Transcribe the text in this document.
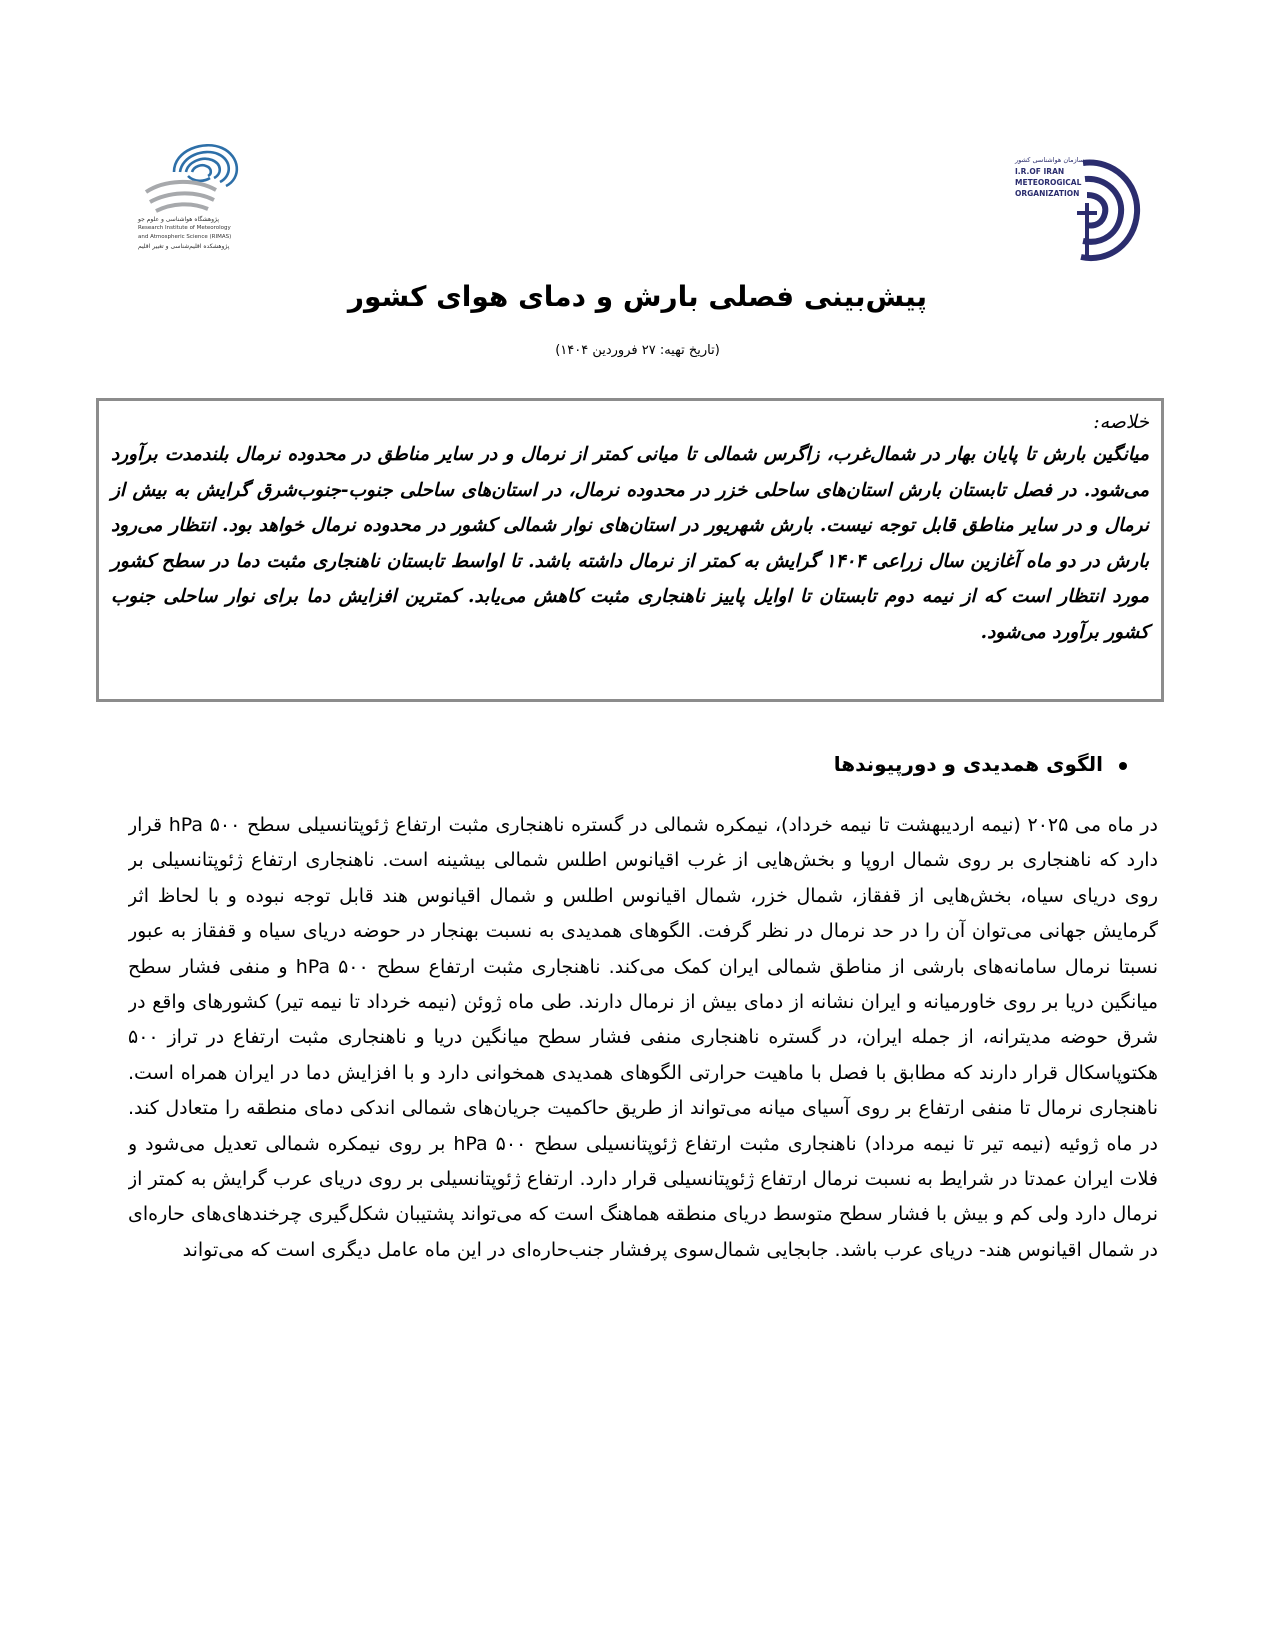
پژوهشگاه هواشناسی و علوم جو
Research Institute of Meteorology
and Atmospheric Science (RIMAS)
پژوهشکده اقلیم‌شناسی و تغییر اقلیم
سازمان هواشناسی کشور
I.R.OF IRAN
METEOROGICAL
ORGANIZATION
پیش‌بینی فصلی بارش و دمای هوای کشور
(تاریخ تهیه: ۲۷ فروردین ۱۴۰۴)
خلاصه:
میانگین بارش تا پایان بهار در شمال‌غرب، زاگرس شمالی تا میانی کمتر از نرمال و در سایر مناطق در محدوده نرمال بلندمدت برآورد می‌شود. در فصل تابستان بارش استان‌های ساحلی خزر در محدوده نرمال، در استان‌های ساحلی جنوب-جنوب‌شرق گرایش به بیش از نرمال و در سایر مناطق قابل توجه نیست. بارش شهریور در استان‌های نوار شمالی کشور در محدوده نرمال خواهد بود. انتظار می‌رود بارش در دو ماه آغازین سال زراعی ۱۴۰۴ گرایش به کمتر از نرمال داشته باشد. تا اواسط تابستان ناهنجاری مثبت دما در سطح کشور مورد انتظار است که از نیمه دوم تابستان تا اوایل پاییز ناهنجاری مثبت کاهش می‌یابد. کمترین افزایش دما برای نوار ساحلی جنوب کشور برآورد می‌شود.
الگوی همدیدی و دورپیوندها
در ماه می ۲۰۲۵ (نیمه اردیبهشت تا نیمه خرداد)، نیمکره شمالی در گستره ناهنجاری مثبت ارتفاع ژئوپتانسیلی سطح ۵۰۰ hPa قرار دارد که ناهنجاری بر روی شمال اروپا و بخش‌هایی از غرب اقیانوس اطلس شمالی بیشینه است. ناهنجاری ارتفاع ژئوپتانسیلی بر روی دریای سیاه، بخش‌هایی از قفقاز، شمال خزر، شمال اقیانوس اطلس و شمال اقیانوس هند قابل توجه نبوده و با لحاظ اثر گرمایش جهانی می‌توان آن را در حد نرمال در نظر گرفت. الگوهای همدیدی به نسبت بهنجار در حوضه دریای سیاه و قفقاز به عبور نسبتا نرمال سامانه‌های بارشی از مناطق شمالی ایران کمک می‌کند. ناهنجاری مثبت ارتفاع سطح ۵۰۰ hPa و منفی فشار سطح میانگین دریا بر روی خاورمیانه و ایران نشانه از دمای بیش از نرمال دارند. طی ماه ژوئن (نیمه خرداد تا نیمه تیر) کشورهای واقع در شرق حوضه مدیترانه، از جمله ایران، در گستره ناهنجاری منفی فشار سطح میانگین دریا و ناهنجاری مثبت ارتفاع در تراز ۵۰۰ هکتوپاسکال قرار دارند که مطابق با فصل با ماهیت حرارتی الگوهای همدیدی همخوانی دارد و با افزایش دما در ایران همراه است. ناهنجاری نرمال تا منفی ارتفاع بر روی آسیای میانه می‌تواند از طریق حاکمیت جریان‌های شمالی اندکی دمای منطقه را متعادل کند. در ماه ژوئیه (نیمه تیر تا نیمه مرداد) ناهنجاری مثبت ارتفاع ژئوپتانسیلی سطح ۵۰۰ hPa بر روی نیمکره شمالی تعدیل می‌شود و فلات ایران عمدتا در شرایط به نسبت نرمال ارتفاع ژئوپتانسیلی قرار دارد. ارتفاع ژئوپتانسیلی بر روی دریای عرب گرایش به کمتر از نرمال دارد ولی کم و بیش با فشار سطح متوسط دریای منطقه هماهنگ است که می‌تواند پشتیبان شکل‌گیری چرخندهای‌های حاره‌ای در شمال اقیانوس هند- دریای عرب باشد. جابجایی شمال‌سوی پرفشار جنب‌حاره‌ای در این ماه عامل دیگری است که می‌تواند
